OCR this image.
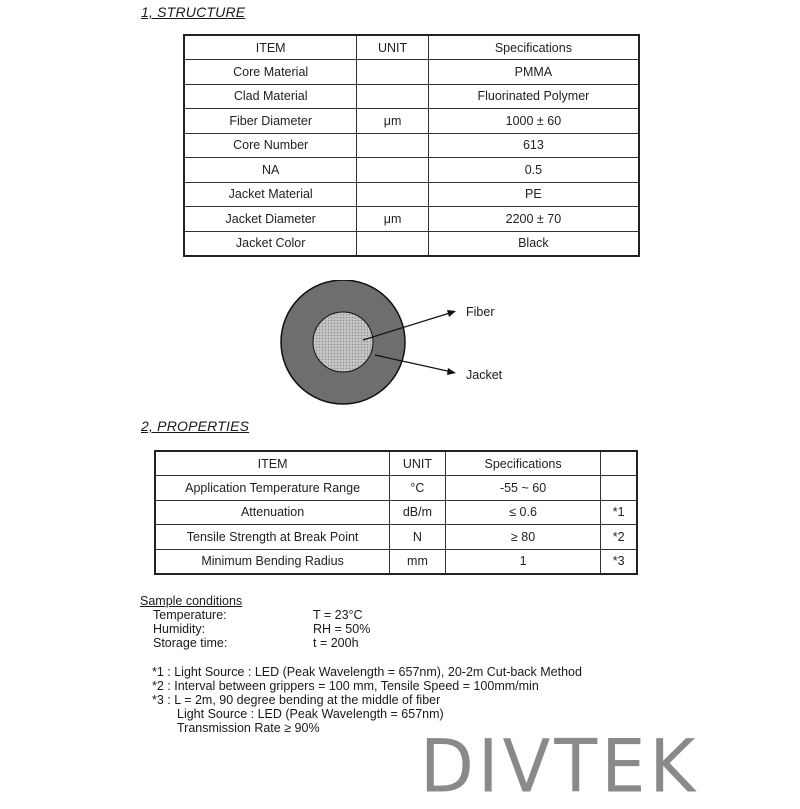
1, STRUCTURE
ITEM	UNIT	Specifications
Core Material		PMMA
Clad Material		Fluorinated Polymer
Fiber Diameter	μm	1000 ± 60
Core Number		613
NA		0.5
Jacket Material		PE
Jacket Diameter	μm	2200 ± 70
Jacket Color		Black
Fiber
Jacket
2, PROPERTIES
ITEM	UNIT	Specifications	
Application Temperature Range	°C	-55 ~ 60	
Attenuation	dB/m	≤ 0.6	*1
Tensile Strength at Break Point	N	≥ 80	*2
Minimum Bending Radius	mm	1	*3
Sample conditions
Temperature:	T = 23°C
Humidity:	RH = 50%
Storage time:	t = 200h
*1 : Light Source : LED (Peak Wavelength = 657nm), 20-2m Cut-back Method
*2 : Interval between grippers = 100 mm, Tensile Speed = 100mm/min
*3 : L = 2m, 90 degree bending at the middle of fiber
Light Source : LED (Peak Wavelength = 657nm)
Transmission Rate ≥ 90%	DIVTEK
